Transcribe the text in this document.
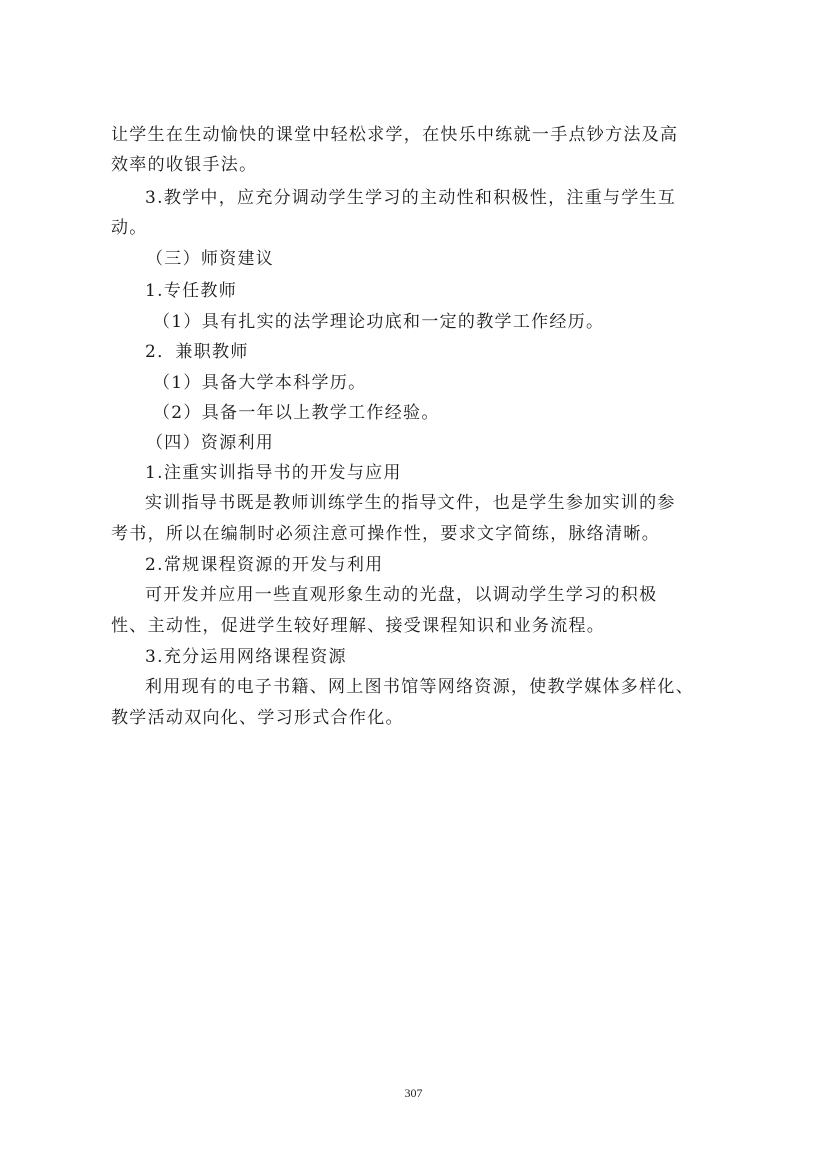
让学生在生动愉快的课堂中轻松求学，在快乐中练就一手点钞方法及高
效率的收银手法。
3.教学中，应充分调动学生学习的主动性和积极性，注重与学生互
动。
（三）师资建议
1.专任教师
（1）具有扎实的法学理论功底和一定的教学工作经历。
2．兼职教师
（1）具备大学本科学历。
（2）具备一年以上教学工作经验。
（四）资源利用
1.注重实训指导书的开发与应用
实训指导书既是教师训练学生的指导文件，也是学生参加实训的参
考书，所以在编制时必须注意可操作性，要求文字简练，脉络清晰。
2.常规课程资源的开发与利用
可开发并应用一些直观形象生动的光盘，以调动学生学习的积极
性、主动性，促进学生较好理解、接受课程知识和业务流程。
3.充分运用网络课程资源
利用现有的电子书籍、网上图书馆等网络资源，使教学媒体多样化、
教学活动双向化、学习形式合作化。
307
